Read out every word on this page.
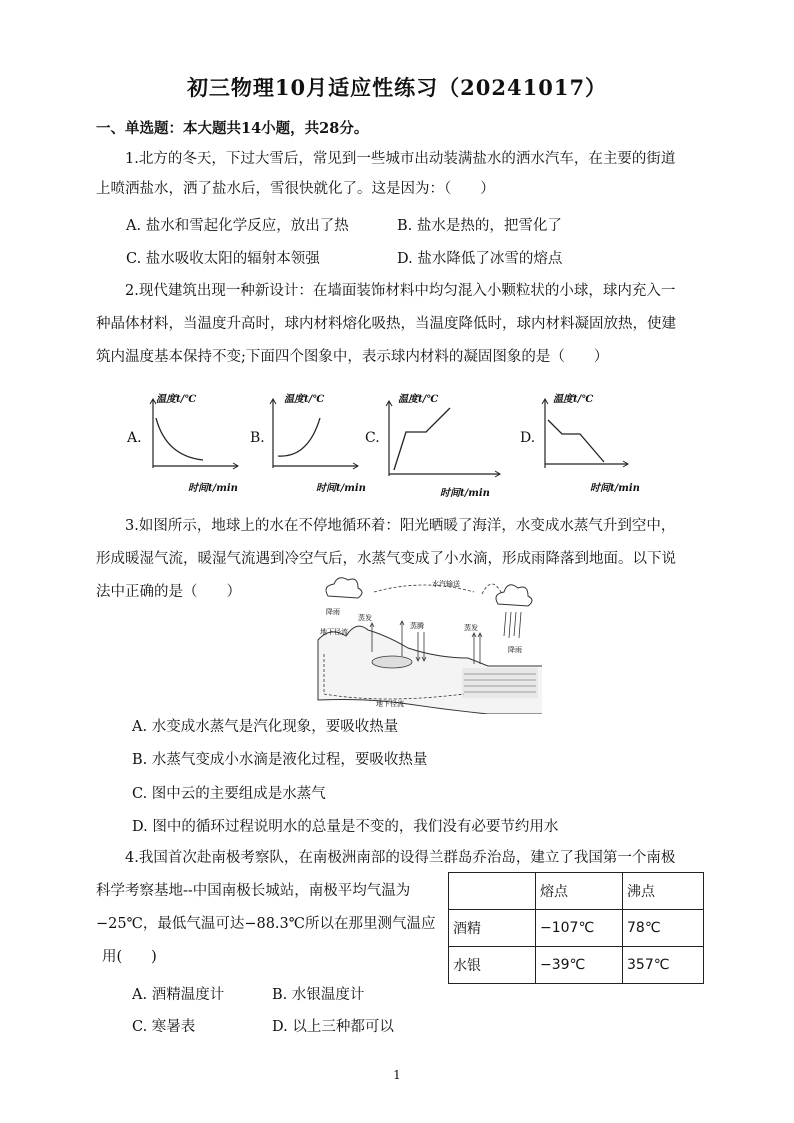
初三物理10月适应性练习（20241017）
一、单选题：本大题共14小题，共28分。
1.北方的冬天，下过大雪后，常见到一些城市出动装满盐水的洒水汽车，在主要的街道
上喷洒盐水，洒了盐水后，雪很快就化了。这是因为：（　　）
A. 盐水和雪起化学反应，放出了热	B. 盐水是热的，把雪化了
C. 盐水吸收太阳的辐射本领强	D. 盐水降低了冰雪的熔点
2.现代建筑出现一种新设计：在墙面装饰材料中均匀混入小颗粒状的小球，球内充入一
种晶体材料，当温度升高时，球内材料熔化吸热，当温度降低时，球内材料凝固放热，使建
筑内温度基本保持不变;下面四个图象中，表示球内材料的凝固图象的是（　　）
A.
温度t/℃
时间t/min
B.
温度t/℃
时间t/min
C.
温度t/℃
时间t/min
D.
温度t/℃
时间t/min
3.如图所示，地球上的水在不停地循环着：阳光晒暖了海洋，水变成水蒸气升到空中，
形成暖湿气流，暖湿气流遇到冷空气后，水蒸气变成了小水滴，形成雨降落到地面。以下说
法中正确的是（　　）	水汽输送
降雨
蒸发
蒸腾
降雨
地下径流	蒸发
地下径流
A. 水变成水蒸气是汽化现象，要吸收热量
B. 水蒸气变成小水滴是液化过程，要吸收热量
C. 图中云的主要组成是水蒸气
D. 图中的循环过程说明水的总量是不变的，我们没有必要节约用水
4.我国首次赴南极考察队，在南极洲南部的设得兰群岛乔治岛，建立了我国第一个南极
科学考察基地--中国南极长城站，南极平均气温为
−25℃，最低气温可达−88.3℃所以在那里测气温应
用(　　)
	熔点	沸点
酒精	−107℃	78℃
水银	−39℃	357℃
A. 酒精温度计	B. 水银温度计
C. 寒暑表	D. 以上三种都可以
1
